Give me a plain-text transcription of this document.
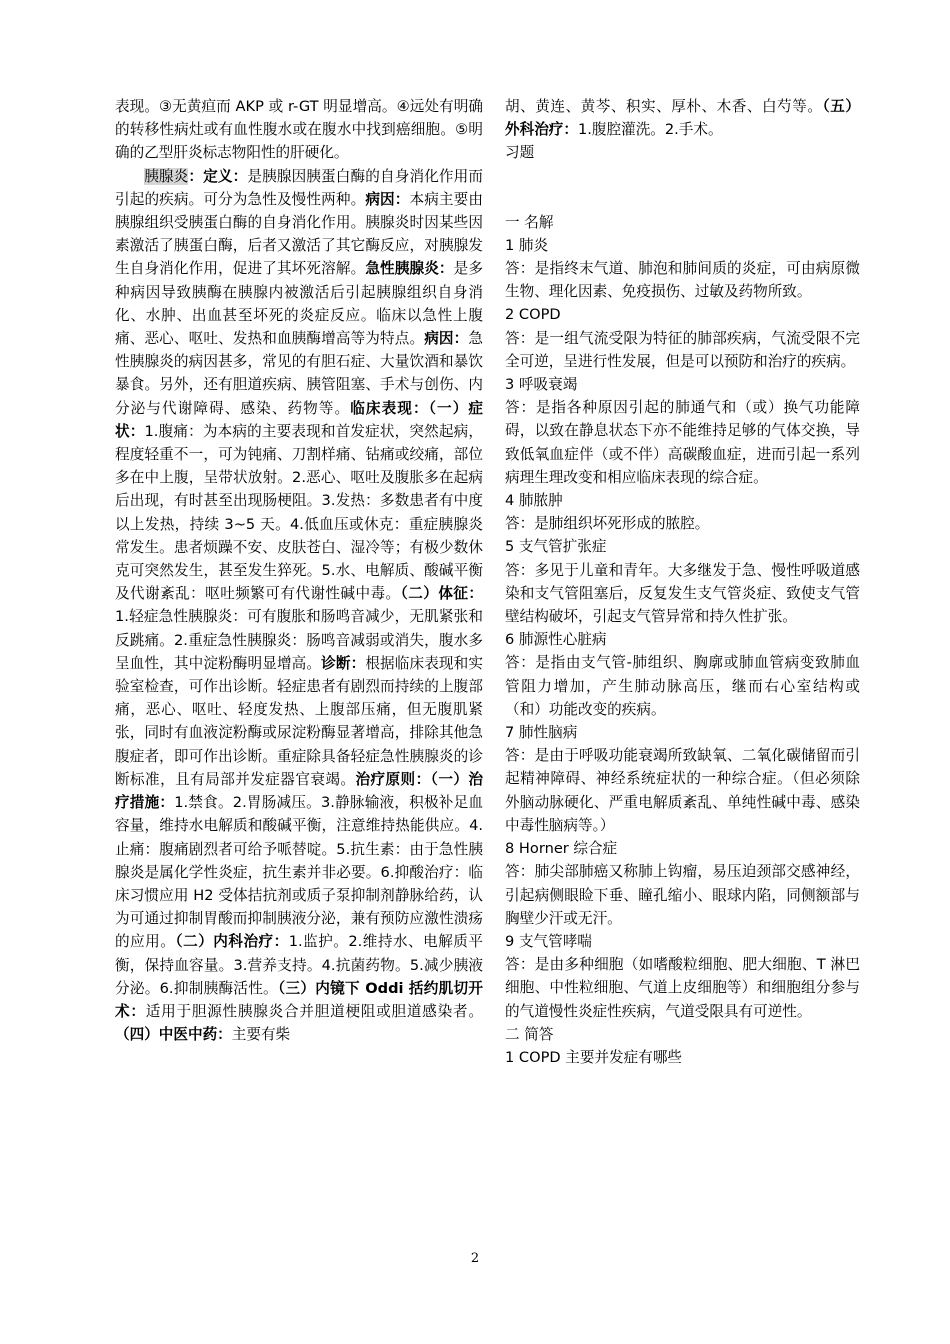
表现。③无黄疸而 AKP 或 r-GT 明显增高。④远处有明确的转移性病灶或有血性腹水或在腹水中找到癌细胞。⑤明确的乙型肝炎标志物阳性的肝硬化。

胰腺炎：定义：是胰腺因胰蛋白酶的自身消化作用而引起的疾病。可分为急性及慢性两种。病因：本病主要由胰腺组织受胰蛋白酶的自身消化作用。胰腺炎时因某些因素激活了胰蛋白酶，后者又激活了其它酶反应，对胰腺发生自身消化作用，促进了其坏死溶解。急性胰腺炎：是多种病因导致胰酶在胰腺内被激活后引起胰腺组织自身消化、水肿、出血甚至坏死的炎症反应。临床以急性上腹痛、恶心、呕吐、发热和血胰酶增高等为特点。病因：急性胰腺炎的病因甚多，常见的有胆石症、大量饮酒和暴饮暴食。另外，还有胆道疾病、胰管阻塞、手术与创伤、内分泌与代谢障碍、感染、药物等。临床表现：（一）症状：1.腹痛：为本病的主要表现和首发症状，突然起病，程度轻重不一，可为钝痛、刀割样痛、钻痛或绞痛，部位多在中上腹，呈带状放射。2.恶心、呕吐及腹胀多在起病后出现，有时甚至出现肠梗阻。3.发热：多数患者有中度以上发热，持续 3~5 天。4.低血压或休克：重症胰腺炎常发生。患者烦躁不安、皮肤苍白、湿冷等；有极少数休克可突然发生，甚至发生猝死。5.水、电解质、酸碱平衡及代谢紊乱：呕吐频繁可有代谢性碱中毒。（二）体征：1.轻症急性胰腺炎：可有腹胀和肠鸣音减少，无肌紧张和反跳痛。2.重症急性胰腺炎：肠鸣音减弱或消失，腹水多呈血性，其中淀粉酶明显增高。诊断：根据临床表现和实验室检查，可作出诊断。轻症患者有剧烈而持续的上腹部痛，恶心、呕吐、轻度发热、上腹部压痛，但无腹肌紧张，同时有血液淀粉酶或尿淀粉酶显著增高，排除其他急腹症者，即可作出诊断。重症除具备轻症急性胰腺炎的诊断标准，且有局部并发症器官衰竭。治疗原则：（一）治疗措施：1.禁食。2.胃肠减压。3.静脉输液，积极补足血容量，维持水电解质和酸碱平衡，注意维持热能供应。4.止痛：腹痛剧烈者可给予哌替啶。5.抗生素：由于急性胰腺炎是属化学性炎症，抗生素并非必要。6.抑酸治疗：临床习惯应用 H2 受体拮抗剂或质子泵抑制剂静脉给药，认为可通过抑制胃酸而抑制胰液分泌，兼有预防应激性溃疡的应用。（二）内科治疗：1.监护。2.维持水、电解质平衡，保持血容量。3.营养支持。4.抗菌药物。5.减少胰液分泌。6.抑制胰酶活性。（三）内镜下 Oddi 括约肌切开术：适用于胆源性胰腺炎合并胆道梗阻或胆道感染者。（四）中医中药：主要有柴

胡、黄连、黄芩、积实、厚朴、木香、白芍等。（五）外科治疗：1.腹腔灌洗。2.手术。

习题

一 名解

1 肺炎

答：是指终末气道、肺泡和肺间质的炎症，可由病原微生物、理化因素、免疫损伤、过敏及药物所致。

2 COPD

答：是一组气流受限为特征的肺部疾病，气流受限不完全可逆，呈进行性发展，但是可以预防和治疗的疾病。

3 呼吸衰竭

答：是指各种原因引起的肺通气和（或）换气功能障碍，以致在静息状态下亦不能维持足够的气体交换，导致低氧血症伴（或不伴）高碳酸血症，进而引起一系列病理生理改变和相应临床表现的综合症。

4 肺脓肿

答：是肺组织坏死形成的脓腔。

5 支气管扩张症

答：多见于儿童和青年。大多继发于急、慢性呼吸道感染和支气管阻塞后，反复发生支气管炎症、致使支气管壁结构破坏，引起支气管异常和持久性扩张。

6 肺源性心脏病

答：是指由支气管-肺组织、胸廓或肺血管病变致肺血管阻力增加，产生肺动脉高压，继而右心室结构或（和）功能改变的疾病。

7 肺性脑病

答：是由于呼吸功能衰竭所致缺氧、二氧化碳储留而引起精神障碍、神经系统症状的一种综合症。（但必须除外脑动脉硬化、严重电解质紊乱、单纯性碱中毒、感染中毒性脑病等。）

8 Horner 综合症

答：肺尖部肺癌又称肺上钩瘤，易压迫颈部交感神经，引起病侧眼睑下垂、瞳孔缩小、眼球内陷，同侧额部与胸壁少汗或无汗。

9 支气管哮喘

答：是由多种细胞（如嗜酸粒细胞、肥大细胞、T 淋巴细胞、中性粒细胞、气道上皮细胞等）和细胞组分参与的气道慢性炎症性疾病，气道受限具有可逆性。

二 简答

1 COPD 主要并发症有哪些

2
